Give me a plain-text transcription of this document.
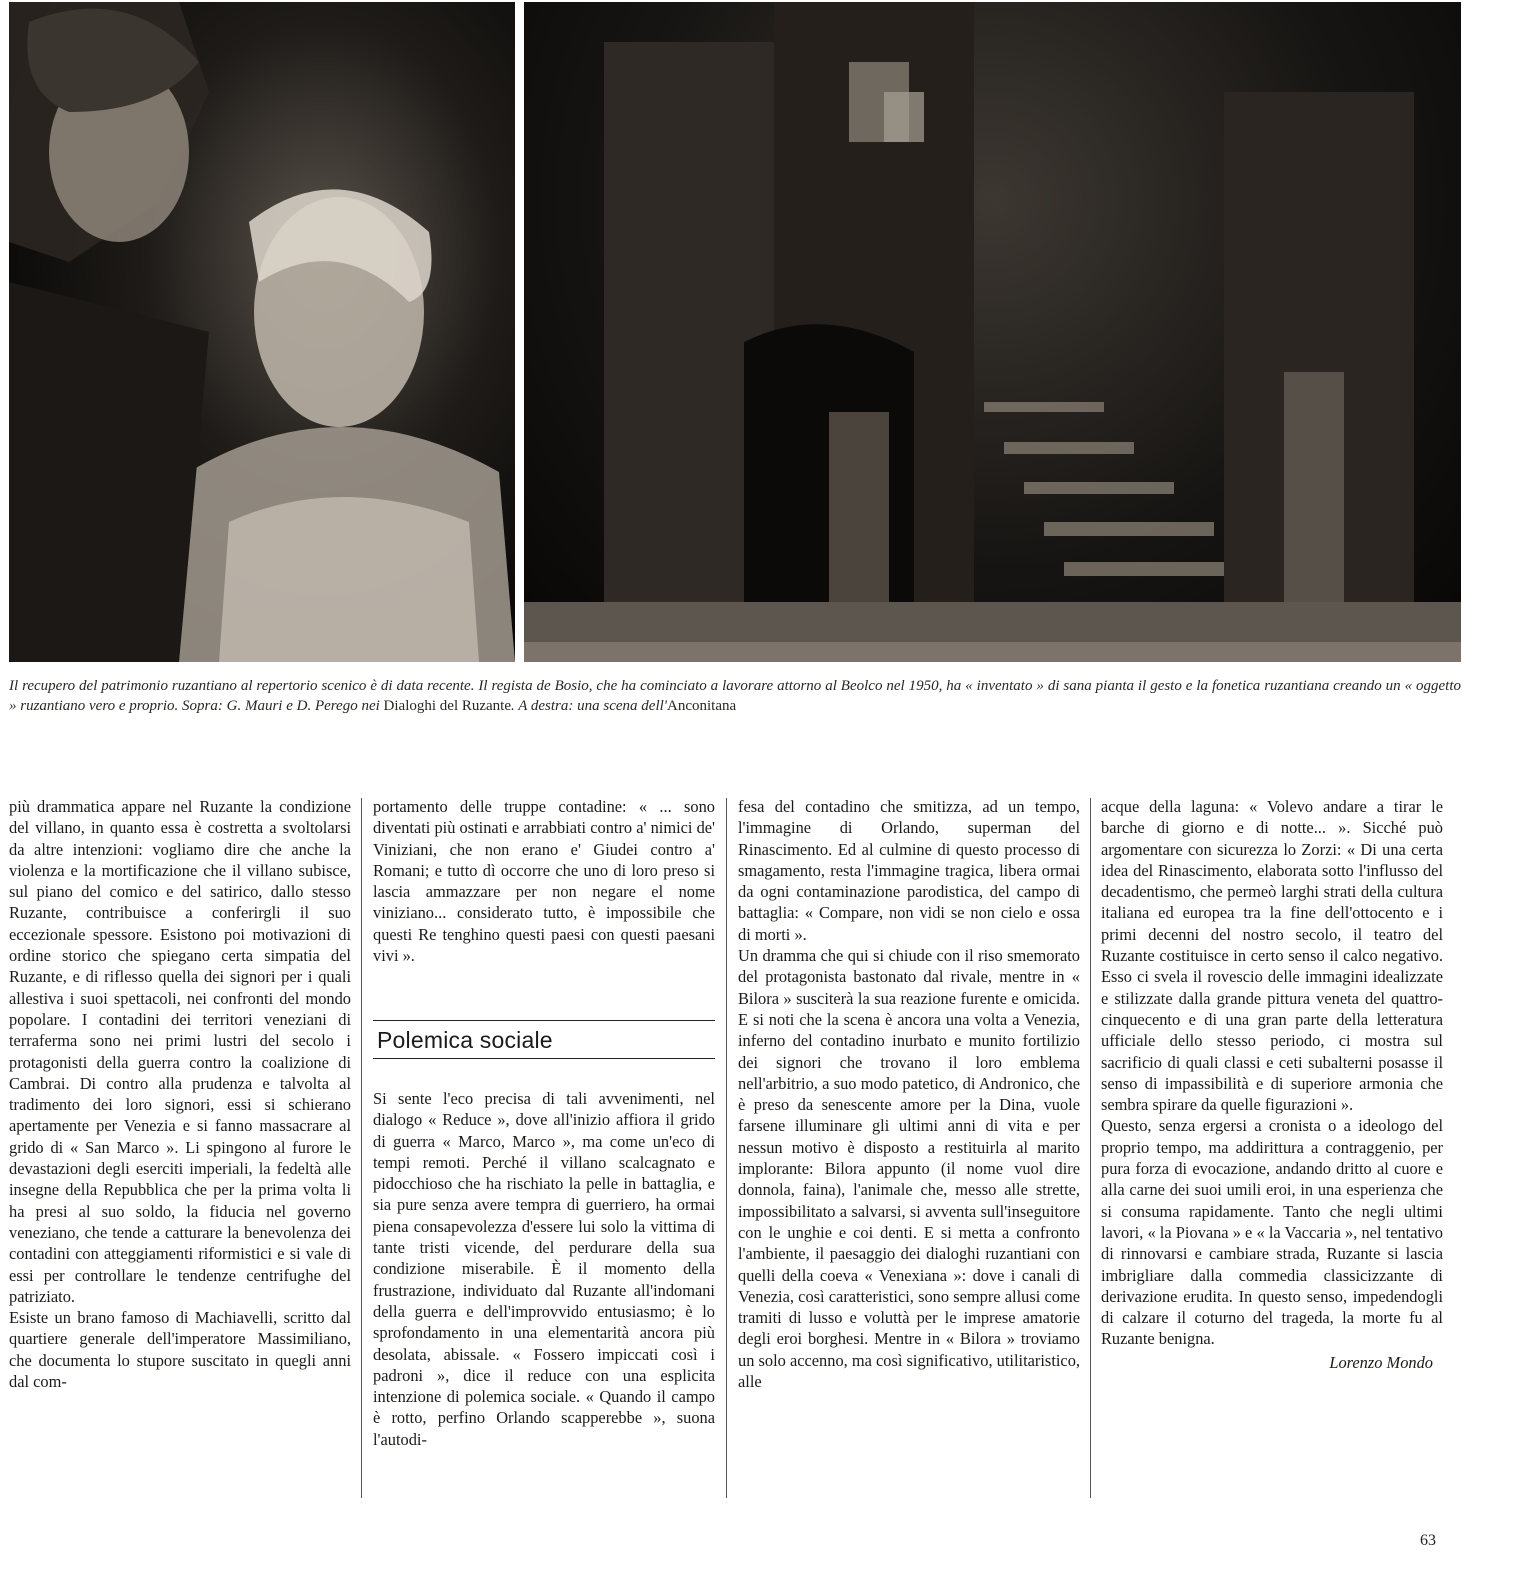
Il recupero del patrimonio ruzantiano al repertorio scenico è di data recente. Il regista de Bosio, che ha cominciato a lavorare attorno al Beolco nel 1950, ha « inventato » di sana pianta il gesto e la fonetica ruzantiana creando un « oggetto » ruzantiano vero e proprio. Sopra: G. Mauri e D. Perego nei Dialoghi del Ruzante. A destra: una scena dell'Anconitana

più drammatica appare nel Ruzante la condizione del villano, in quanto essa è costretta a svoltolarsi da altre intenzioni: vogliamo dire che anche la violenza e la mortificazione che il villano subisce, sul piano del comico e del satirico, dallo stesso Ruzante, contribuisce a conferirgli il suo eccezionale spessore. Esistono poi motivazioni di ordine storico che spiegano certa simpatia del Ruzante, e di riflesso quella dei signori per i quali allestiva i suoi spettacoli, nei confronti del mondo popolare. I contadini dei territori veneziani di terraferma sono nei primi lustri del secolo i protagonisti della guerra contro la coalizione di Cambrai. Di contro alla prudenza e talvolta al tradimento dei loro signori, essi si schierano apertamente per Venezia e si fanno massacrare al grido di « San Marco ». Li spingono al furore le devastazioni degli eserciti imperiali, la fedeltà alle insegne della Repubblica che per la prima volta li ha presi al suo soldo, la fiducia nel governo veneziano, che tende a catturare la benevolenza dei contadini con atteggiamenti riformistici e si vale di essi per controllare le tendenze centrifughe del patriziato.

Esiste un brano famoso di Machiavelli, scritto dal quartiere generale dell'imperatore Massimiliano, che documenta lo stupore suscitato in quegli anni dal com-

portamento delle truppe contadine: « ... sono diventati più ostinati e arrabbiati contro a' nimici de' Viniziani, che non erano e' Giudei contro a' Romani; e tutto dì occorre che uno di loro preso si lascia ammazzare per non negare el nome viniziano... considerato tutto, è impossibile che questi Re tenghino questi paesi con questi paesani vivi ».

Polemica sociale

Si sente l'eco precisa di tali avvenimenti, nel dialogo « Reduce », dove all'inizio affiora il grido di guerra « Marco, Marco », ma come un'eco di tempi remoti. Perché il villano scalcagnato e pidocchioso che ha rischiato la pelle in battaglia, e sia pure senza avere tempra di guerriero, ha ormai piena consapevolezza d'essere lui solo la vittima di tante tristi vicende, del perdurare della sua condizione miserabile. È il momento della frustrazione, individuato dal Ruzante all'indomani della guerra e dell'improvvido entusiasmo; è lo sprofondamento in una elementarità ancora più desolata, abissale. « Fossero impiccati così i padroni », dice il reduce con una esplicita intenzione di polemica sociale. « Quando il campo è rotto, perfino Orlando scapperebbe », suona l'autodi-

fesa del contadino che smitizza, ad un tempo, l'immagine di Orlando, superman del Rinascimento. Ed al culmine di questo processo di smagamento, resta l'immagine tragica, libera ormai da ogni contaminazione parodistica, del campo di battaglia: « Compare, non vidi se non cielo e ossa di morti ».

Un dramma che qui si chiude con il riso smemorato del protagonista bastonato dal rivale, mentre in « Bilora » susciterà la sua reazione furente e omicida. E si noti che la scena è ancora una volta a Venezia, inferno del contadino inurbato e munito fortilizio dei signori che trovano il loro emblema nell'arbitrio, a suo modo patetico, di Andronico, che è preso da senescente amore per la Dina, vuole farsene illuminare gli ultimi anni di vita e per nessun motivo è disposto a restituirla al marito implorante: Bilora appunto (il nome vuol dire donnola, faina), l'animale che, messo alle strette, impossibilitato a salvarsi, si avventa sull'inseguitore con le unghie e coi denti. E si metta a confronto l'ambiente, il paesaggio dei dialoghi ruzantiani con quelli della coeva « Venexiana »: dove i canali di Venezia, così caratteristici, sono sempre allusi come tramiti di lusso e voluttà per le imprese amatorie degli eroi borghesi. Mentre in « Bilora » troviamo un solo accenno, ma così significativo, utilitaristico, alle

acque della laguna: « Volevo andare a tirar le barche di giorno e di notte... ». Sicché può argomentare con sicurezza lo Zorzi: « Di una certa idea del Rinascimento, elaborata sotto l'influsso del decadentismo, che permeò larghi strati della cultura italiana ed europea tra la fine dell'ottocento e i primi decenni del nostro secolo, il teatro del Ruzante costituisce in certo senso il calco negativo. Esso ci svela il rovescio delle immagini idealizzate e stilizzate dalla grande pittura veneta del quattro-cinquecento e di una gran parte della letteratura ufficiale dello stesso periodo, ci mostra sul sacrificio di quali classi e ceti subalterni posasse il senso di impassibilità e di superiore armonia che sembra spirare da quelle figurazioni ».

Questo, senza ergersi a cronista o a ideologo del proprio tempo, ma addirittura a contraggenio, per pura forza di evocazione, andando dritto al cuore e alla carne dei suoi umili eroi, in una esperienza che si consuma rapidamente. Tanto che negli ultimi lavori, « la Piovana » e « la Vaccaria », nel tentativo di rinnovarsi e cambiare strada, Ruzante si lascia imbrigliare dalla commedia classicizzante di derivazione erudita. In questo senso, impedendogli di calzare il coturno del trageda, la morte fu al Ruzante benigna.

Lorenzo Mondo

63
